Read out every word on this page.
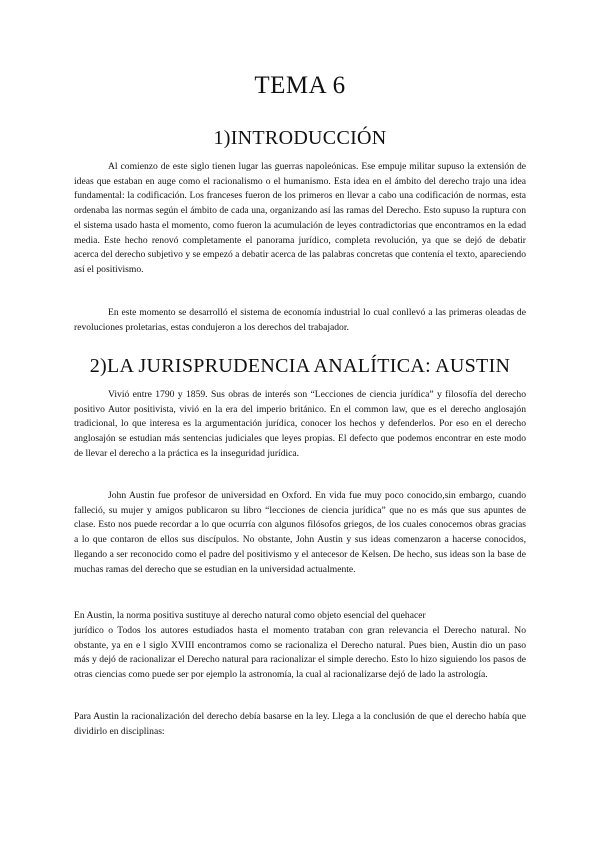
TEMA 6
1)INTRODUCCIÓN

Al comienzo de este siglo tienen lugar las guerras napoleónicas. Ese empuje militar supuso la extensión de ideas que estaban en auge como el racionalismo o el humanismo. Esta idea en el ámbito del derecho trajo una idea fundamental: la codificación. Los franceses fueron de los primeros en llevar a cabo una codificación de normas, esta ordenaba las normas según el ámbito de cada una, organizando así las ramas del Derecho. Esto supuso la ruptura con el sistema usado hasta el momento, como fueron la acumulación de leyes contradictorias que encontramos en la edad media. Este hecho renovó completamente el panorama jurídico, completa revolución, ya que se dejó de debatir acerca del derecho subjetivo y se empezó a debatir acerca de las palabras concretas que contenía el texto, apareciendo así el positivismo.

En este momento se desarrolló el sistema de economía industrial lo cual conllevó a las primeras oleadas de revoluciones proletarias, estas condujeron a los derechos del trabajador.

2)LA JURISPRUDENCIA ANALÍTICA: AUSTIN

Vivió entre 1790 y 1859. Sus obras de interés son “Lecciones de ciencia jurídica” y filosofía del derecho positivo Autor positivista, vivió en la era del imperio británico. En el common law, que es el derecho anglosajón tradicional, lo que interesa es la argumentación jurídica, conocer los hechos y defenderlos. Por eso en el derecho anglosajón se estudian más sentencias judiciales que leyes propias. El defecto que podemos encontrar en este modo de llevar el derecho a la práctica es la inseguridad jurídica.

John Austin fue profesor de universidad en Oxford. En vida fue muy poco conocido,sin embargo, cuando falleció, su mujer y amigos publicaron su libro “lecciones de ciencia jurídica” que no es más que sus apuntes de clase. Esto nos puede recordar a lo que ocurría con algunos filósofos griegos, de los cuales conocemos obras gracias a lo que contaron de ellos sus discípulos. No obstante, John Austin y sus ideas comenzaron a hacerse conocidos, llegando a ser reconocido como el padre del positivismo y el antecesor de Kelsen. De hecho, sus ideas son la base de muchas ramas del derecho que se estudian en la universidad actualmente.

En Austin, la norma positiva sustituye al derecho natural como objeto esencial del quehacer

jurídico o Todos los autores estudiados hasta el momento trataban con gran relevancia el Derecho natural. No obstante, ya en e l siglo XVIII encontramos como se racionaliza el Derecho natural. Pues bien, Austin dio un paso más y dejó de racionalizar el Derecho natural para racionalizar el simple derecho. Esto lo hizo siguiendo los pasos de otras ciencias como puede ser por ejemplo la astronomía, la cual al racionalizarse dejó de lado la astrología.

Para Austin la racionalización del derecho debía basarse en la ley. Llega a la conclusión de que el derecho había que dividirlo en disciplinas:
